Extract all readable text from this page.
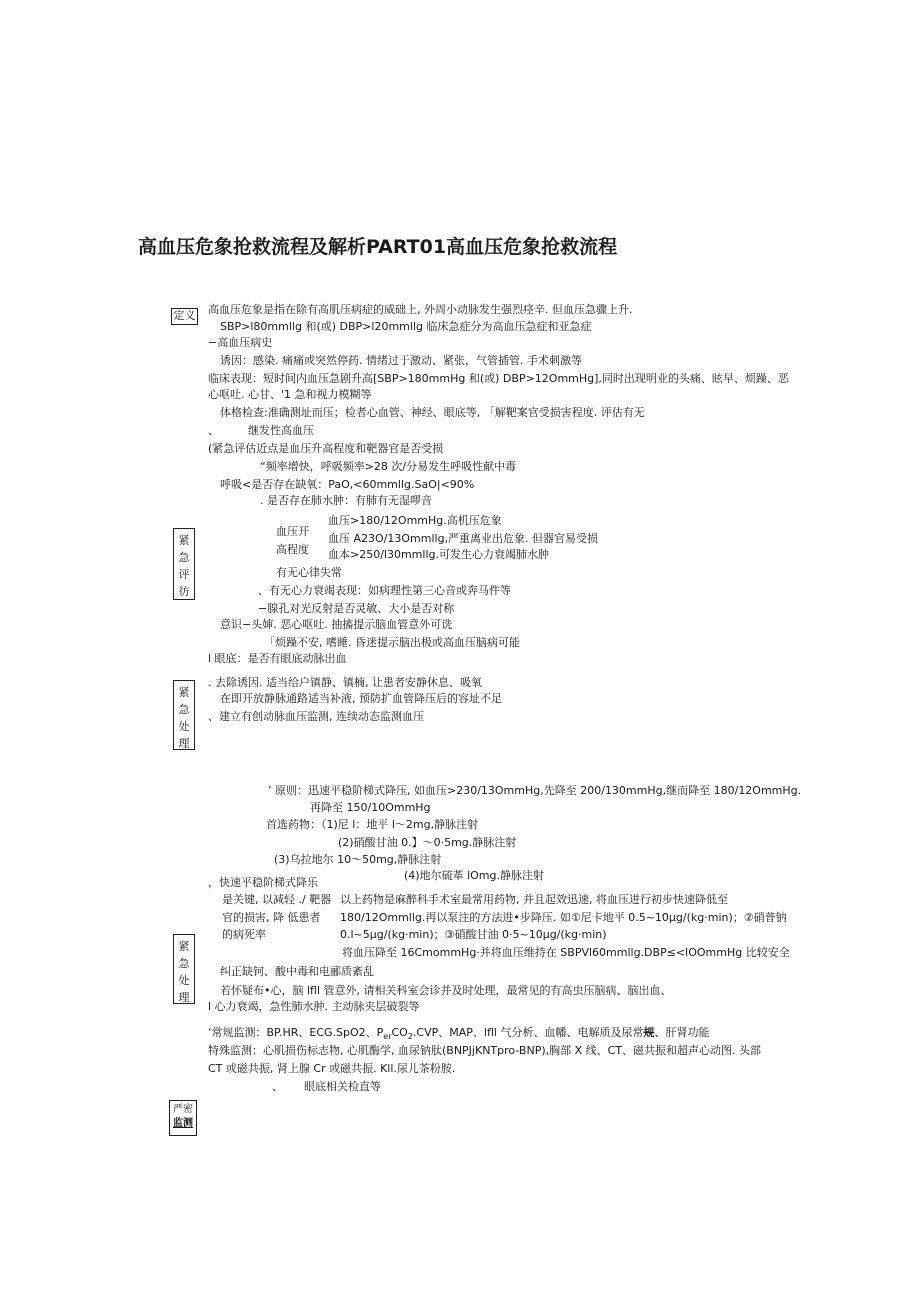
高血压危象抢救流程及解析PART01高血压危象抢救流程
定义 高血压危象是指在除有高肌压病症的威础上, 外周小动脉发生强烈痉辛. 但血压急骤上升.
SBP>l80mmllg 和(或) DBP>l20mmllg 临床急症分为高血压急症和亚急症
−高血压病史
诱因：感染. 痛痛或突然停药. 情绪过于激动、紧张，气管插管. 手术刺激等
临床表现：短时间内血压急剧升高[SBP>180mmHg 和(或) DBP>12OmmHg],同时出现明业的头痛、眩早、烦躁、恶
心呕吐. 心甘、'1 急和视力模糊等
体格检查:准确测址而压；检者心血管、神经、眼底等, 「解靶案官受损害程度. 评估有无
、	继发性高血压
紧
急
评
彷
(紧急评估近点是血压升高程度和靶器官是否受损
“频率增快，呼吸频率>28 次/分易发生呼吸性献中毒
呼吸<是否存在缺氧：PaO,<60mmllg.SaO|<90%
. 是否存在肺水肿：有肺有无湿啰音
血压开
高程度
血压>180/12OmmHg.高机压危象
血压 A23O∕13Ommllg,严重离业出危象. 但器官易受损
血本>250∕l30mmllg.可发生心力衰竭肺水肿
有无心律失常
、有无心力衰竭表现：如病理性第三心音或奔马件等
−腺孔对光反射是否灵敏、大小是否对称
意识−头婶. 恶心呕吐. 抽搐提示脑血管意外可诜
「烦躁不安, 嗜睡. 昏迷提示脑出极或高血压脑病可能
l 眼底：是否有眼底动脉出血
紧
急
处
理
. 去除诱因. 适当给户镇静、镇楠, 让患者安静休息、吸氧
在即开放静脉通路适当补液, 预防扩血管降压后的容址不足
、建立有创动脉血压监测, 连续动态监测血压
紧
急
处
理
’ 原则：迅速平稳阶梯式降压, 如血压>230/13OmmHg,先降至 200/130mmHg,继而降至 180/12OmmHg.
再降至 150/10OmmHg
首选药物：（1)尼 l：地平 l〜2mg,静脉注射
(2)硝酸甘油 0.】〜0·5mg.静脉注射
(3)乌拉地尔 10〜50mg,静脉注射
(4)地尔硫革 lOmg.静脉注射
，快速平稳阶梯式降乐
是关键, 以减轻 ./ 靶器
官的损害, 降 低患者
的病死率
以上药物是麻醉科手术室最常用药物, 并且起效迅速, 将血压进行初步快速降低至
180/12Ommllg.再以泵注的方法进•步降压. 如①尼卡地平 0.5~10μg/(kg·min)；②硝普钠
0.l~5μg/(kg·min)；③硝酸甘油 0·5~10μg/(kg·min)
将血压降至 16CmommHg·并将血压维持在 SBPVl60mmllg.DBP≤<lOOmmHg 比较安全
纠正缺钶、酸中毒和电郦质紊乱
若怀疑布•心，脑 lfll 管意外, 请相关科室会诊并及时处理，最常见的有高虫压脑病、脑出血、
l 心力衰竭，急性肺水肿. 主动脉夹层破裂等
‘常规监测：BP.HR、ECG.SpO2、$P_{er}CO_2.CVP$、MAP、lfll 气分析、血幡、电解质及尿常规、肝肾功能
特殊监测：心肌损伤标志物, 心肌酶学, 血尿钠肽(BNPJjKNTpro-BNP),胸部 X 线、CT、磁共振和超声心动图. 头部
CT 或磁共振, 肾上腺 Cr 或磁共振. Kll.尿儿茶粉胺.
、 眼底相关检直等
严密
监测
